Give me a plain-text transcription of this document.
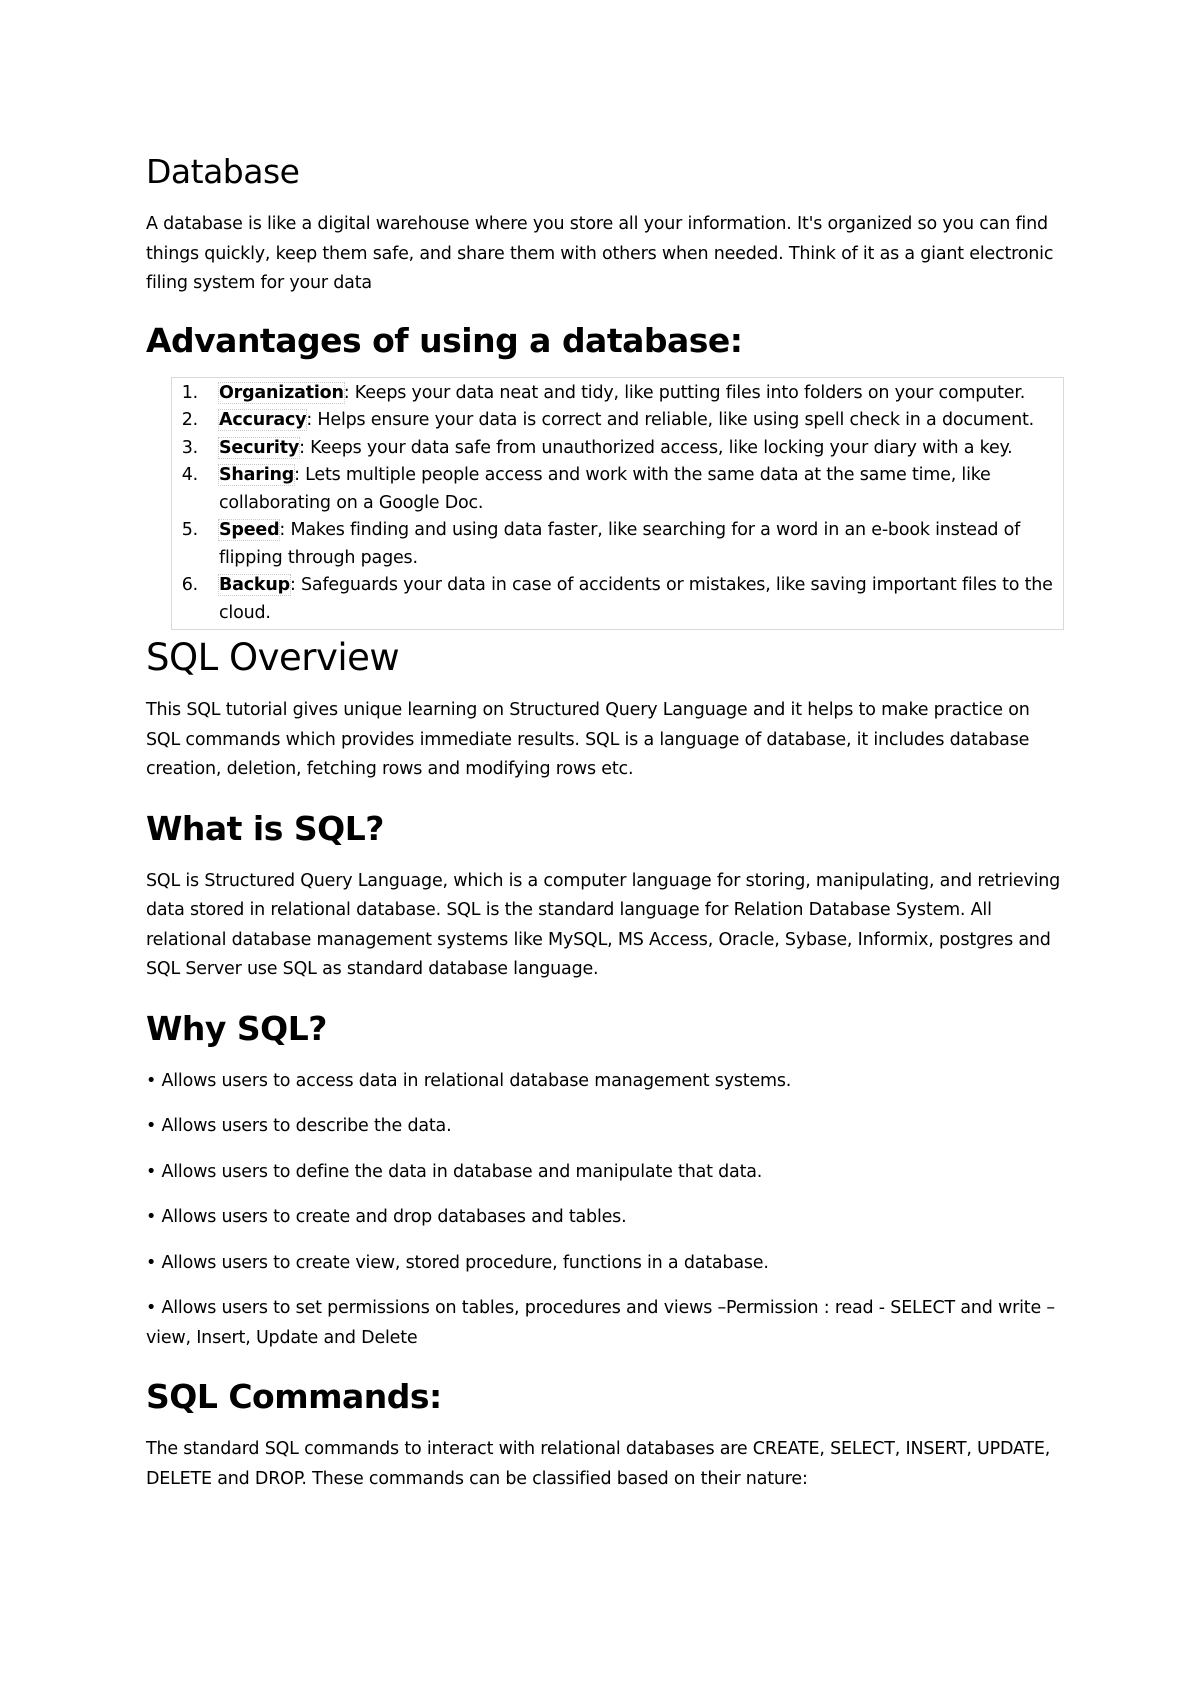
Database

A database is like a digital warehouse where you store all your information. It's organized so you can find things quickly, keep them safe, and share them with others when needed. Think of it as a giant electronic filing system for your data

Advantages of using a database:
1.	Organization: Keeps your data neat and tidy, like putting files into folders on your computer.
2.	Accuracy: Helps ensure your data is correct and reliable, like using spell check in a document.
3.	Security: Keeps your data safe from unauthorized access, like locking your diary with a key.
4.	Sharing: Lets multiple people access and work with the same data at the same time, like collaborating on a Google Doc.
5.	Speed: Makes finding and using data faster, like searching for a word in an e-book instead of flipping through pages.
6.	Backup: Safeguards your data in case of accidents or mistakes, like saving important files to the cloud.
SQL Overview

This SQL tutorial gives unique learning on Structured Query Language and it helps to make practice on SQL commands which provides immediate results. SQL is a language of database, it includes database creation, deletion, fetching rows and modifying rows etc.

What is SQL?

SQL is Structured Query Language, which is a computer language for storing, manipulating, and retrieving data stored in relational database. SQL is the standard language for Relation Database System. All relational database management systems like MySQL, MS Access, Oracle, Sybase, Informix, postgres and SQL Server use SQL as standard database language.

Why SQL?

• Allows users to access data in relational database management systems.

• Allows users to describe the data.

• Allows users to define the data in database and manipulate that data.

• Allows users to create and drop databases and tables.

• Allows users to create view, stored procedure, functions in a database.

• Allows users to set permissions on tables, procedures and views –Permission : read - SELECT and write – view, Insert, Update and Delete

SQL Commands:

The standard SQL commands to interact with relational databases are CREATE, SELECT, INSERT, UPDATE, DELETE and DROP. These commands can be classified based on their nature:
